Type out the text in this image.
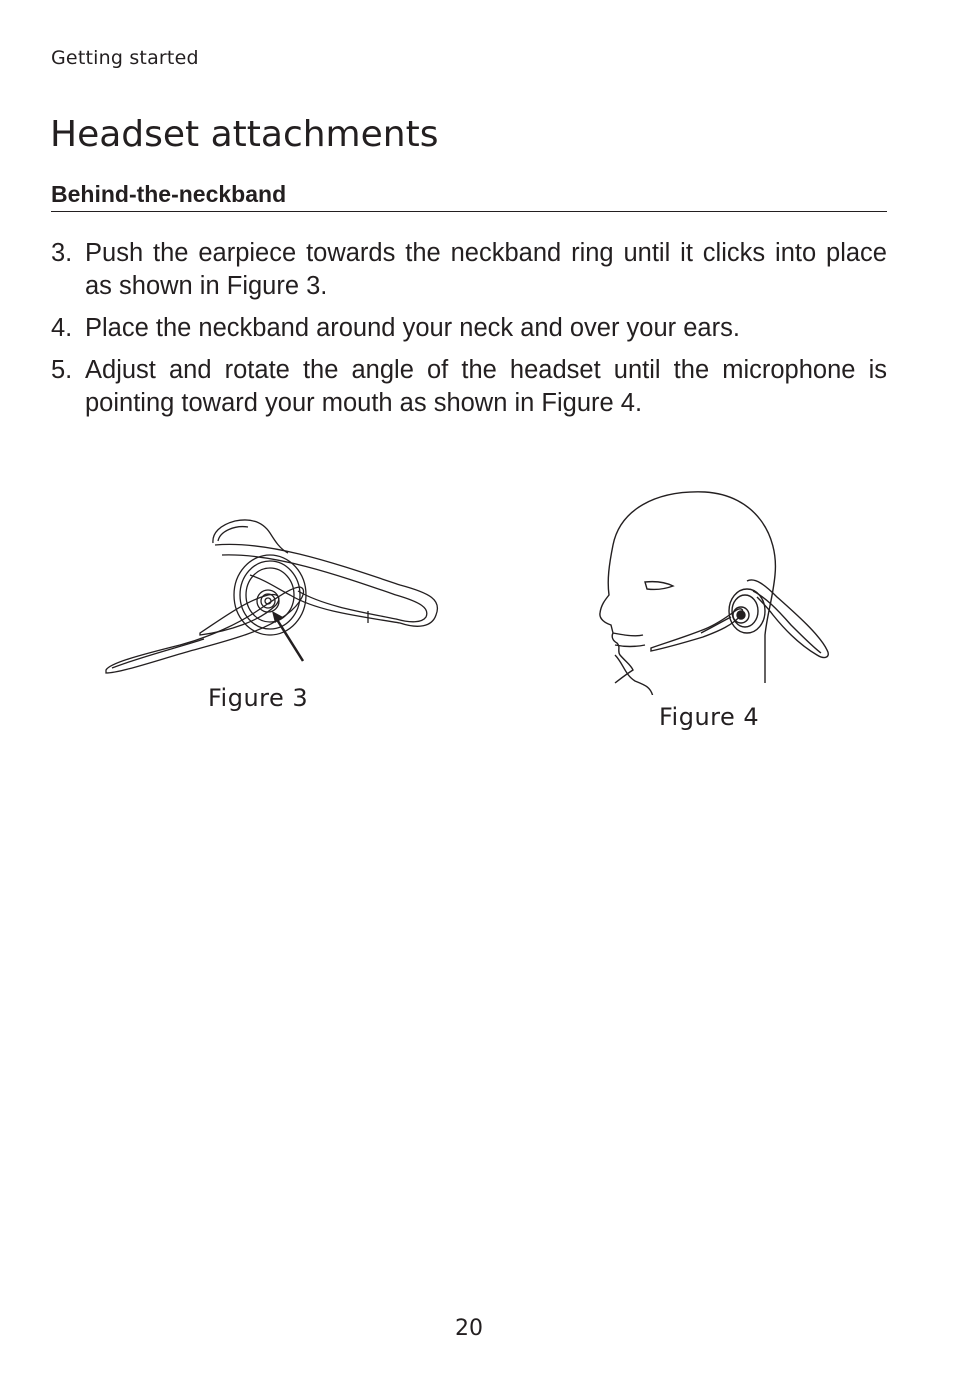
Getting started
Headset attachments
Behind-the-neckband
3. Push the earpiece towards the neckband ring until it clicks into place as shown in Figure 3.
4. Place the neckband around your neck and over your ears.
5. Adjust and rotate the angle of the headset until the microphone is pointing toward your mouth as shown in Figure 4.
Figure 3
Figure 4
20
